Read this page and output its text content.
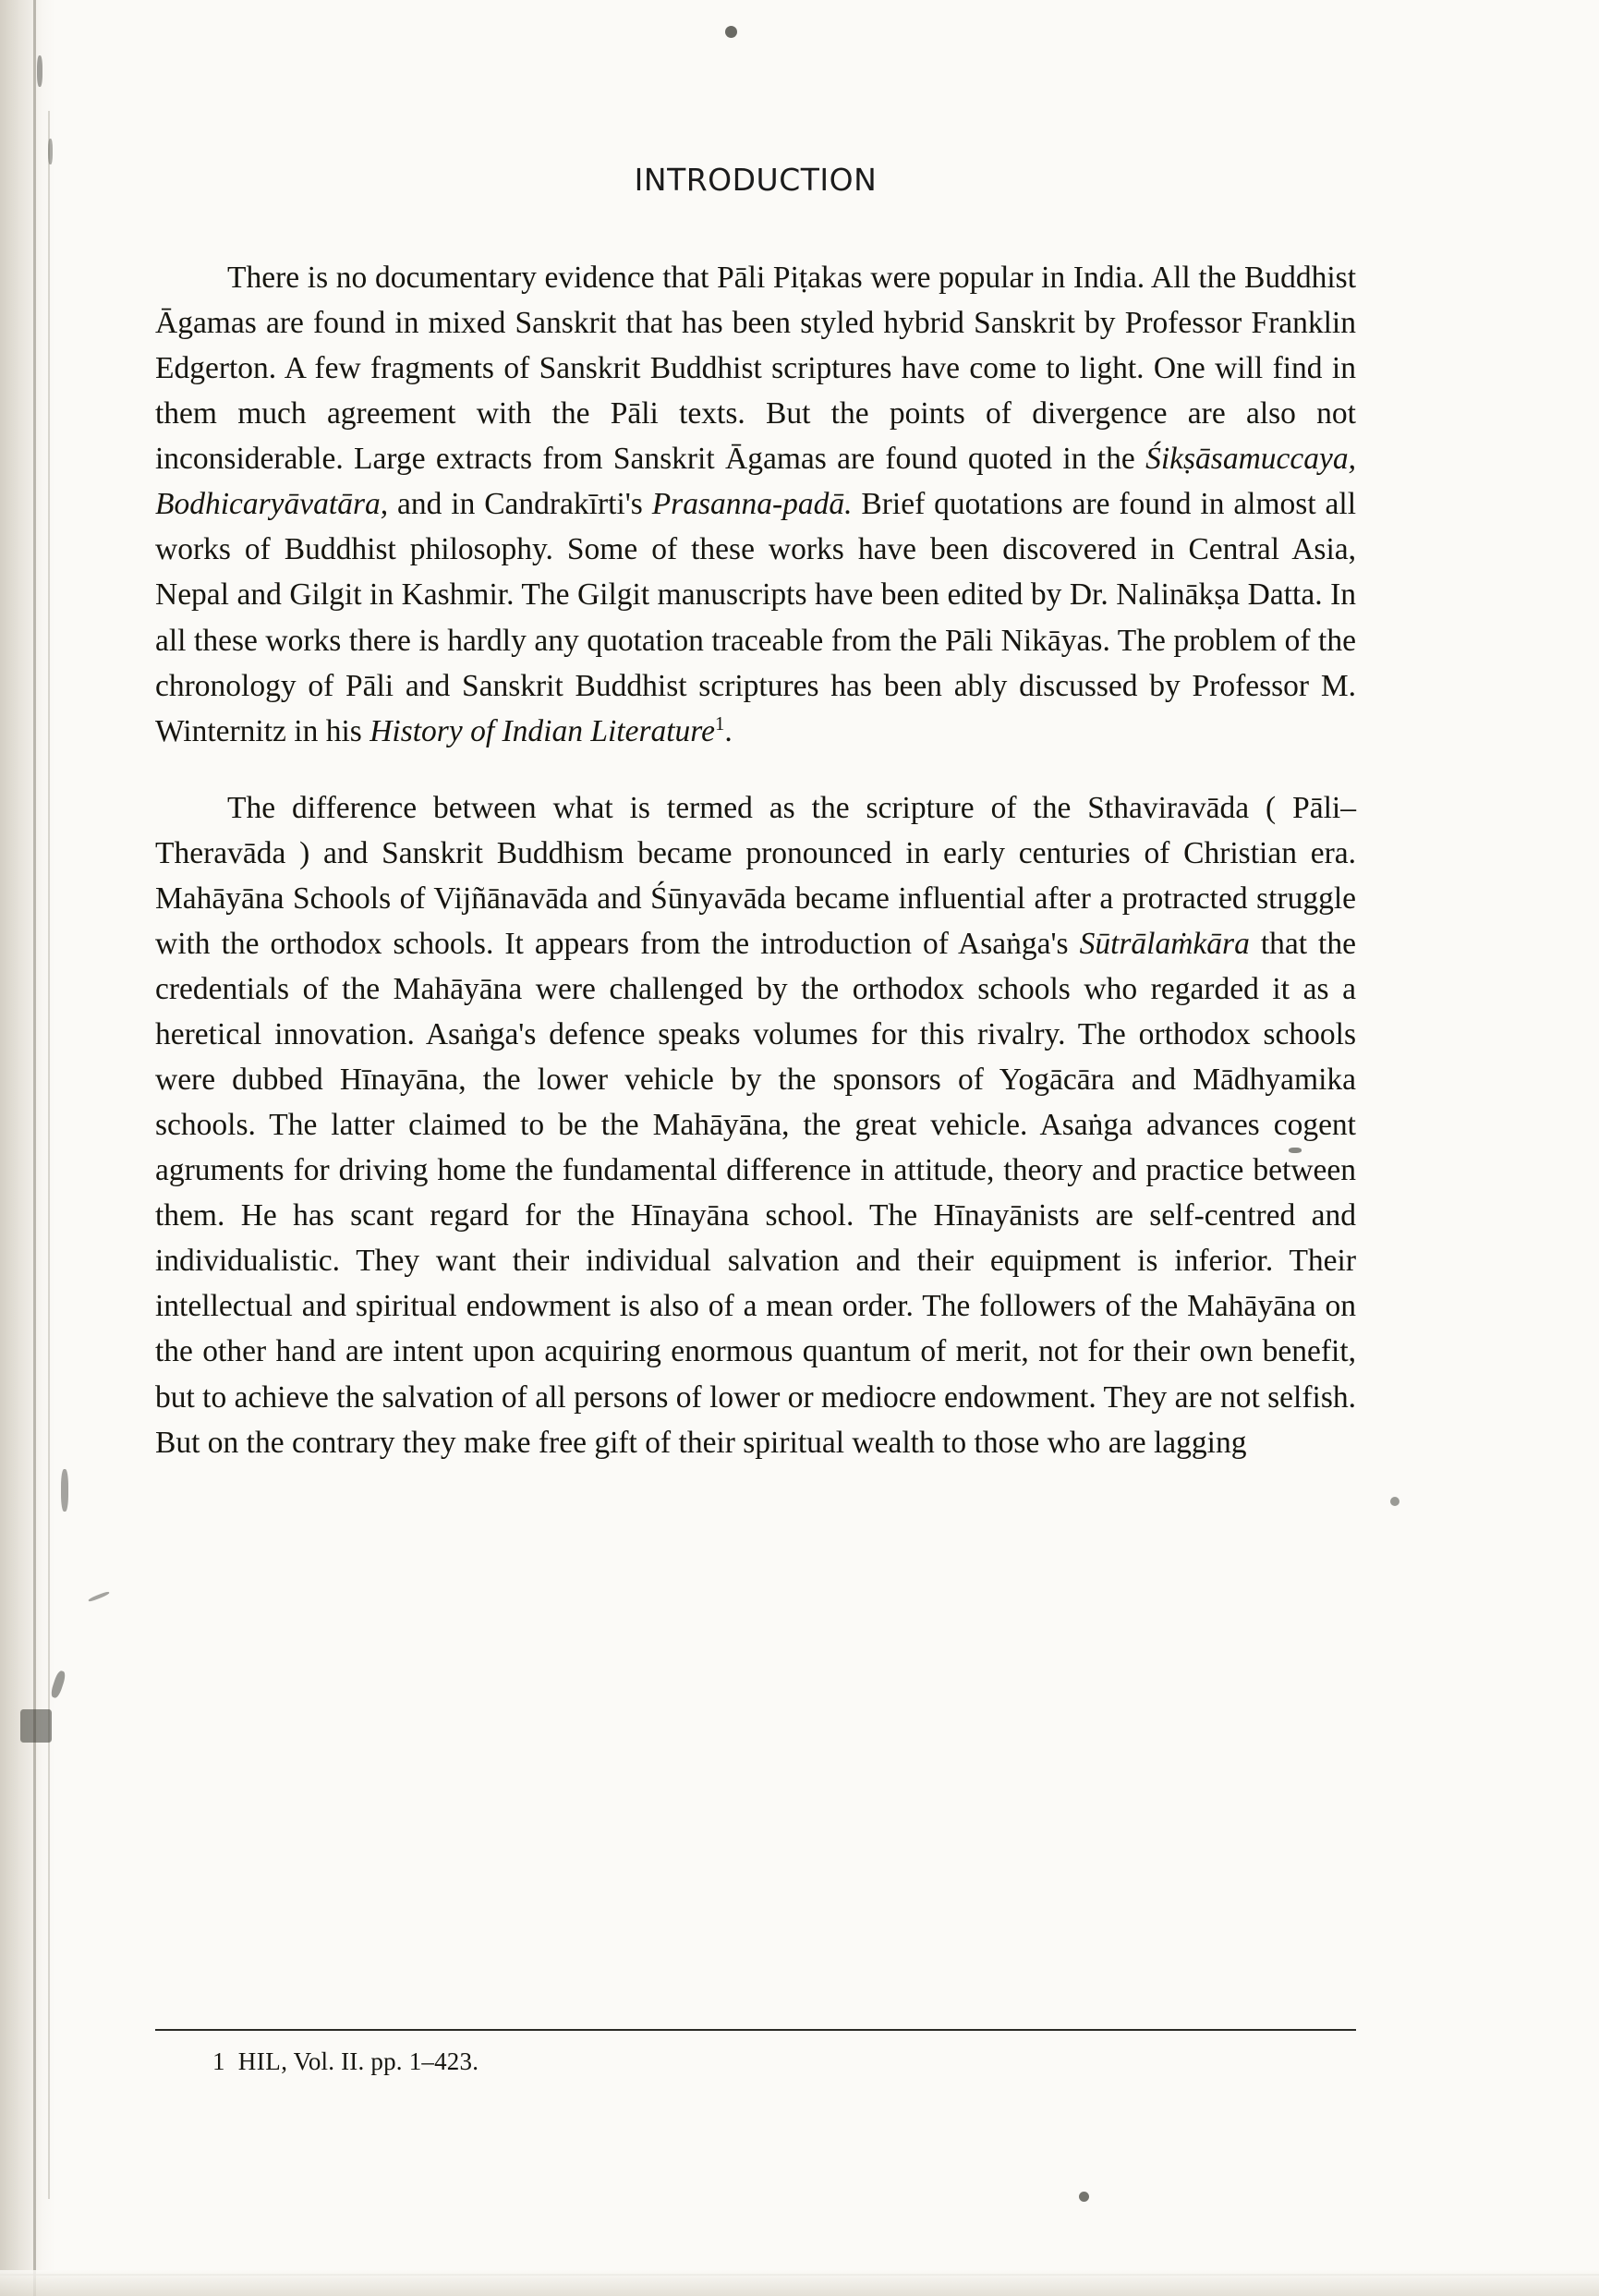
INTRODUCTION

There is no documentary evidence that Pāli Piṭakas were popular in India. All the Buddhist Āgamas are found in mixed Sanskrit that has been styled hybrid Sanskrit by Professor Franklin Edgerton. A few fragments of Sanskrit Buddhist scriptures have come to light. One will find in them much agreement with the Pāli texts. But the points of divergence are also not inconsiderable. Large extracts from Sanskrit Āgamas are found quoted in the Śikṣāsamuccaya, Bodhicaryāvatāra, and in Candrakīrti's Prasanna-padā. Brief quotations are found in almost all works of Buddhist philosophy. Some of these works have been discovered in Central Asia, Nepal and Gilgit in Kashmir. The Gilgit manuscripts have been edited by Dr. Nalinākṣa Datta. In all these works there is hardly any quotation traceable from the Pāli Nikāyas. The problem of the chronology of Pāli and Sanskrit Buddhist scriptures has been ably discussed by Professor M. Winternitz in his History of Indian Literature$^1$.

The difference between what is termed as the scripture of the Sthaviravāda ( Pāli–Theravāda ) and Sanskrit Buddhism became pronounced in early centuries of Christian era. Mahāyāna Schools of Vijñānavāda and Śūnyavāda became influential after a protracted struggle with the orthodox schools. It appears from the introduction of Asaṅga's Sūtrālaṁkāra that the credentials of the Mahāyāna were challenged by the orthodox schools who regarded it as a heretical innovation. Asaṅga's defence speaks volumes for this rivalry. The orthodox schools were dubbed Hīnayāna, the lower vehicle by the sponsors of Yogācāra and Mādhyamika schools. The latter claimed to be the Mahāyāna, the great vehicle. Asaṅga advances cogent agruments for driving home the fundamental difference in attitude, theory and practice between them. He has scant regard for the Hīnayāna school. The Hīnayānists are self-centred and individualistic. They want their individual salvation and their equipment is inferior. Their intellectual and spiritual endowment is also of a mean order. The followers of the Mahāyāna on the other hand are intent upon acquiring enormous quantum of merit, not for their own benefit, but to achieve the salvation of all persons of lower or mediocre endowment. They are not selfish. But on the contrary they make free gift of their spiritual wealth to those who are lagging

1 HIL, Vol. II. pp. 1–423.
